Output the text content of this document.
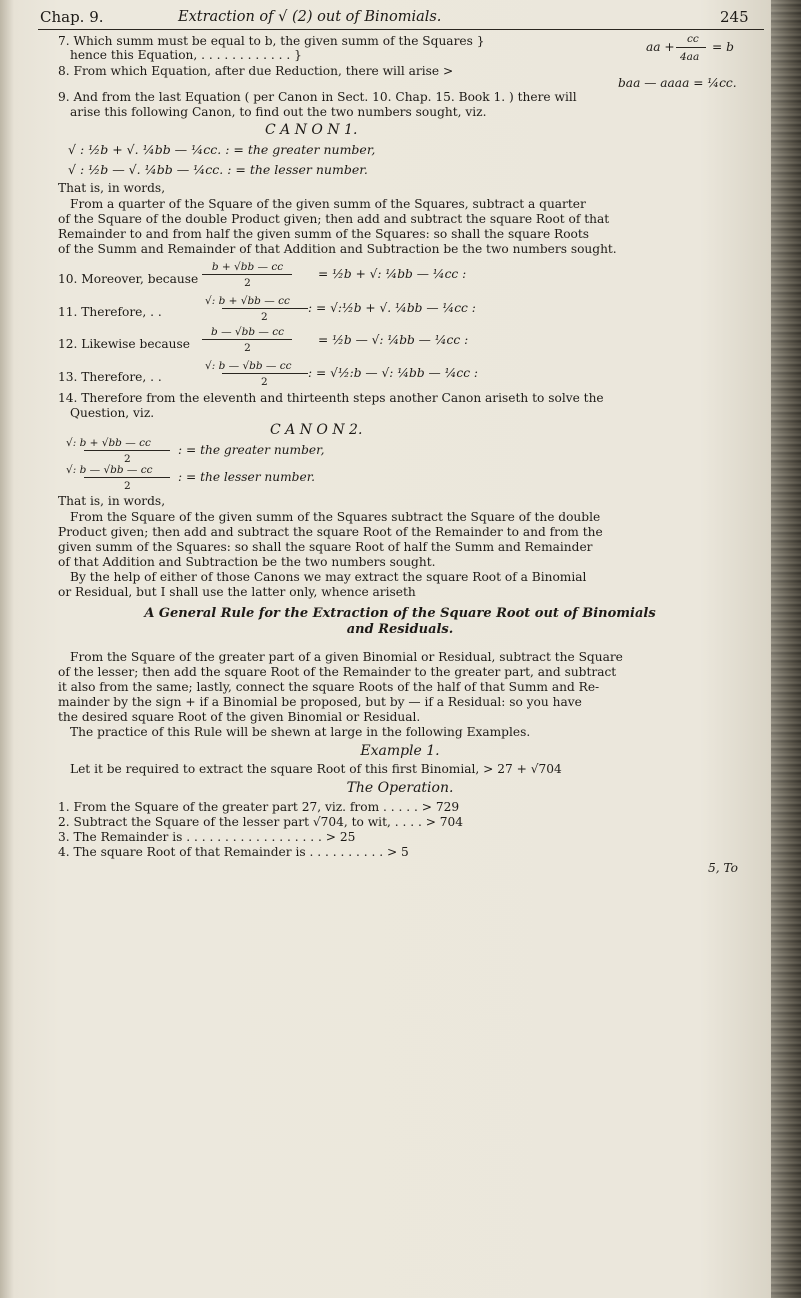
Chap. 9.	Extraction of √ (2) out of Binomials.	245
7. Which summ must be equal to b, the given summ of the Squares }
hence this Equation, . . . . . . . . . . . . }
cc
aa +
4aa
= b
8. From which Equation, after due Reduction, there will arise >
baa — aaaa = ¼cc.
9. And from the last Equation ( per Canon in Sect. 10. Chap. 15. Book 1. ) there will
arise this following Canon, to find out the two numbers sought, viz.
C A N O N 1.
√ : ½b + √. ¼bb — ¼cc. : = the greater number,
√ : ½b — √. ¼bb — ¼cc. : = the lesser number.
That is, in words,
From a quarter of the Square of the given summ of the Squares, subtract a quarter
of the Square of the double Product given; then add and subtract the square Root of that
Remainder to and from half the given summ of the Squares: so shall the square Roots
of the Summ and Remainder of that Addition and Subtraction be the two numbers sought.
10. Moreover, because
b + √bb — cc
2
= ½b + √: ¼bb — ¼cc :
11. Therefore, . .
√: b + √bb — cc
2
: = √:½b + √. ¼bb — ¼cc :
12. Likewise because
b — √bb — cc
2
= ½b — √: ¼bb — ¼cc :
13. Therefore, . .
√: b — √bb — cc
2
: = √½:b — √: ¼bb — ¼cc :
14. Therefore from the eleventh and thirteenth steps another Canon ariseth to solve the
Question, viz.
C A N O N 2.
√: b + √bb — cc
2
: = the greater number,
√: b — √bb — cc
2
: = the lesser number.
That is, in words,
From the Square of the given summ of the Squares subtract the Square of the double
Product given; then add and subtract the square Root of the Remainder to and from the
given summ of the Squares: so shall the square Root of half the Summ and Remainder
of that Addition and Subtraction be the two numbers sought.
By the help of either of those Canons we may extract the square Root of a Binomial
or Residual, but I shall use the latter only, whence ariseth
A General Rule for the Extraction of the Square Root out of Binomials
and Residuals.
From the Square of the greater part of a given Binomial or Residual, subtract the Square
of the lesser; then add the square Root of the Remainder to the greater part, and subtract
it also from the same; lastly, connect the square Roots of the half of that Summ and Re-
mainder by the sign + if a Binomial be proposed, but by — if a Residual: so you have
the desired square Root of the given Binomial or Residual.
The practice of this Rule will be shewn at large in the following Examples.
Example 1.
Let it be required to extract the square Root of this first Binomial, > 27 + √704
The Operation.
1. From the Square of the greater part 27, viz. from . . . . . > 729
2. Subtract the Square of the lesser part √704, to wit, . . . . > 704
3. The Remainder is . . . . . . . . . . . . . . . . . . > 25
4. The square Root of that Remainder is . . . . . . . . . . > 5
5, To
